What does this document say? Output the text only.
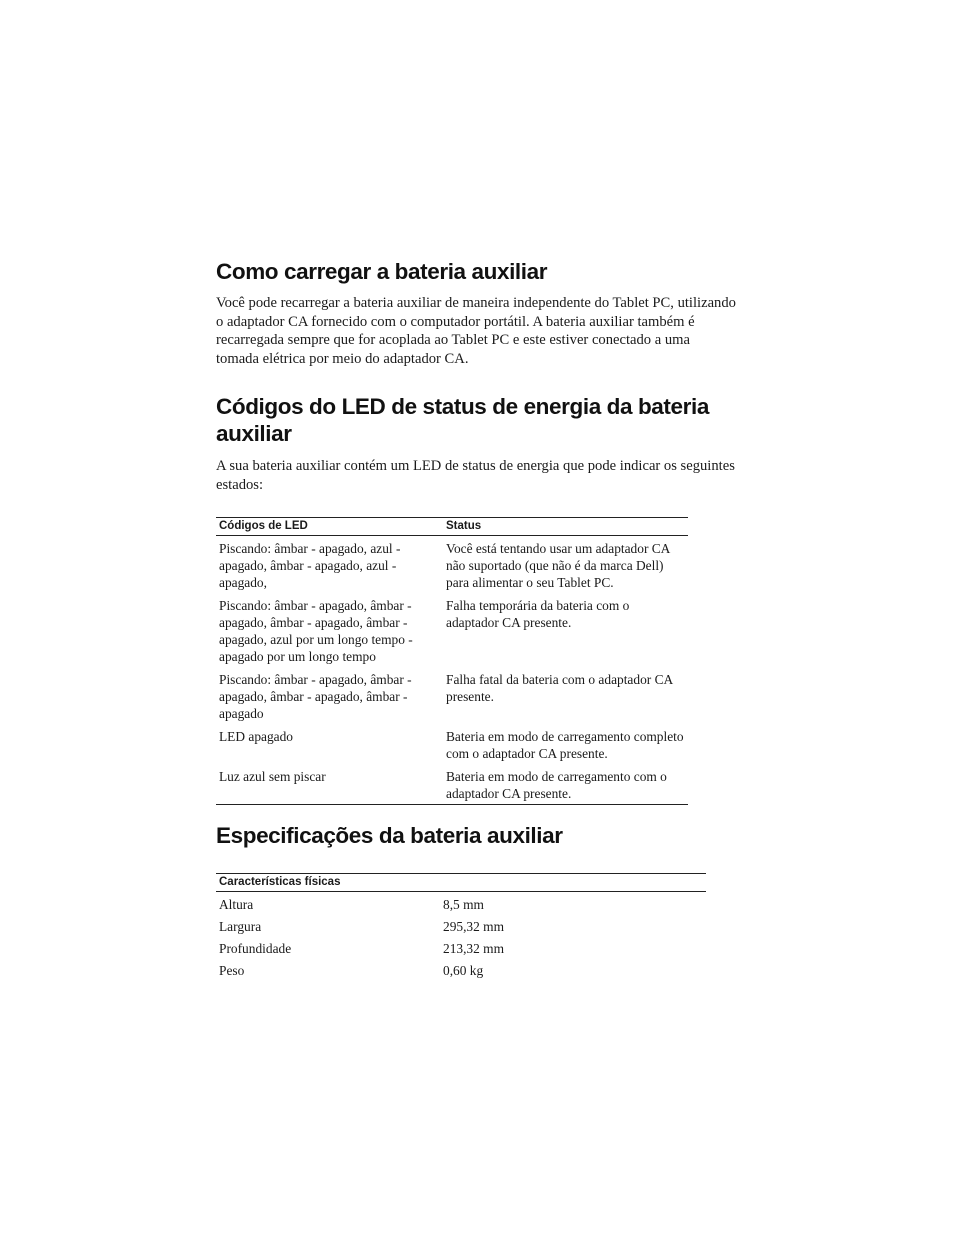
Como carregar a bateria auxiliar

Você pode recarregar a bateria auxiliar de maneira independente do Tablet PC, utilizando o adaptador CA fornecido com o computador portátil. A bateria auxiliar também é recarregada sempre que for acoplada ao Tablet PC e este estiver conectado a uma tomada elétrica por meio do adaptador CA.

Códigos do LED de status de energia da bateria auxiliar

A sua bateria auxiliar contém um LED de status de energia que pode indicar os seguintes estados:

Códigos de LED	Status
Piscando: âmbar - apagado, azul - apagado, âmbar - apagado, azul - apagado,	Você está tentando usar um adaptador CA não suportado (que não é da marca Dell) para alimentar o seu Tablet PC.
Piscando: âmbar - apagado, âmbar - apagado, âmbar - apagado, âmbar - apagado, azul por um longo tempo - apagado por um longo tempo	Falha temporária da bateria com o adaptador CA presente.
Piscando: âmbar - apagado, âmbar - apagado, âmbar - apagado, âmbar - apagado	Falha fatal da bateria com o adaptador CA presente.
LED apagado	Bateria em modo de carregamento completo com o adaptador CA presente.
Luz azul sem piscar	Bateria em modo de carregamento com o adaptador CA presente.
Especificações da bateria auxiliar
Características físicas	
Altura	8,5 mm
Largura	295,32 mm
Profundidade	213,32 mm
Peso	0,60 kg
